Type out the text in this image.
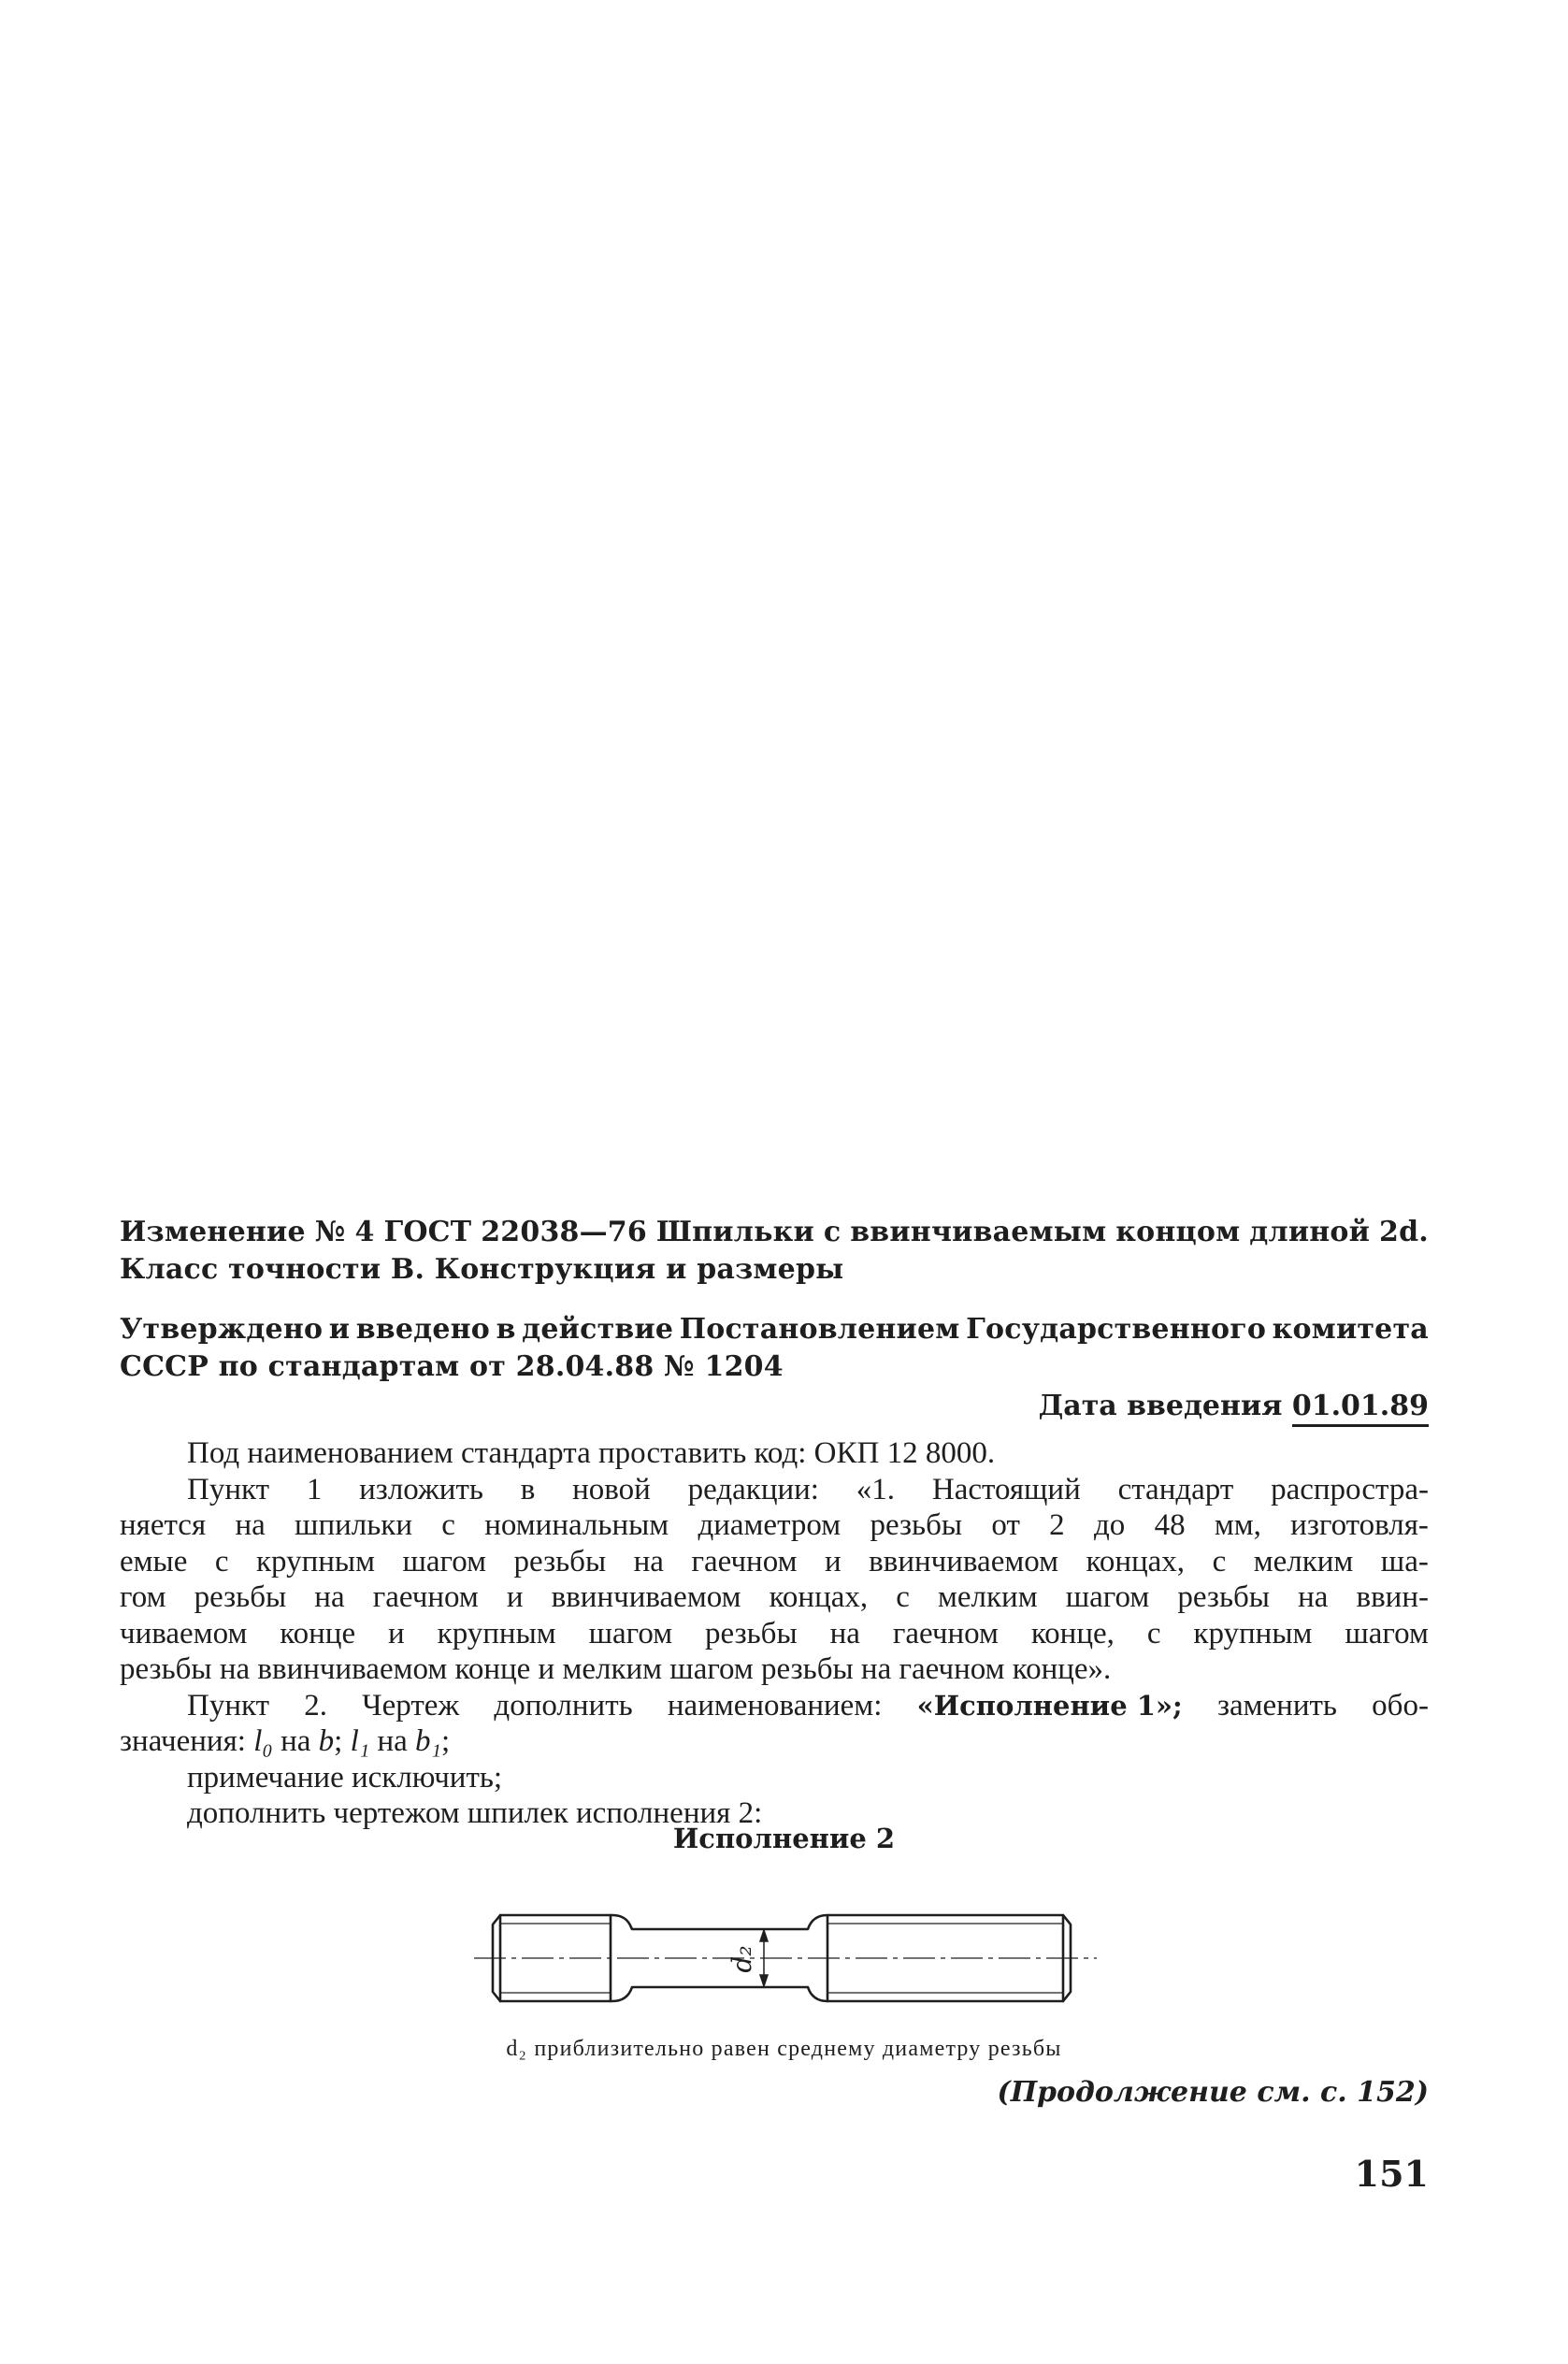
Изменение № 4 ГОСТ 22038—76 Шпильки с ввинчиваемым концом длиной 2d.
Класс точности В. Конструкция и размеры
Утверждено и введено в действие Постановлением Государственного комитета
СССР по стандартам от 28.04.88 № 1204
Дата введения 01.01.89
Под наименованием стандарта проставить код: ОКП 12 8000.
Пункт 1 изложить в новой редакции: «1. Настоящий стандарт распростра-
няется на шпильки с номинальным диаметром резьбы от 2 до 48 мм, изготовля-
емые с крупным шагом резьбы на гаечном и ввинчиваемом концах, с мелким ша-
гом резьбы на гаечном и ввинчиваемом концах, с мелким шагом резьбы на ввин-
чиваемом конце и крупным шагом резьбы на гаечном конце, с крупным шагом
резьбы на ввинчиваемом конце и мелким шагом резьбы на гаечном конце».
Пункт 2. Чертеж дополнить наименованием: «Исполнение 1»; заменить обо-
значения: l₀ на b; l₁ на b₁;
примечание исключить;
дополнить чертежом шпилек исполнения 2:
Исполнение 2
d₂
d₂ приблизительно равен среднему диаметру резьбы
(Продолжение см. с. 152)
151
